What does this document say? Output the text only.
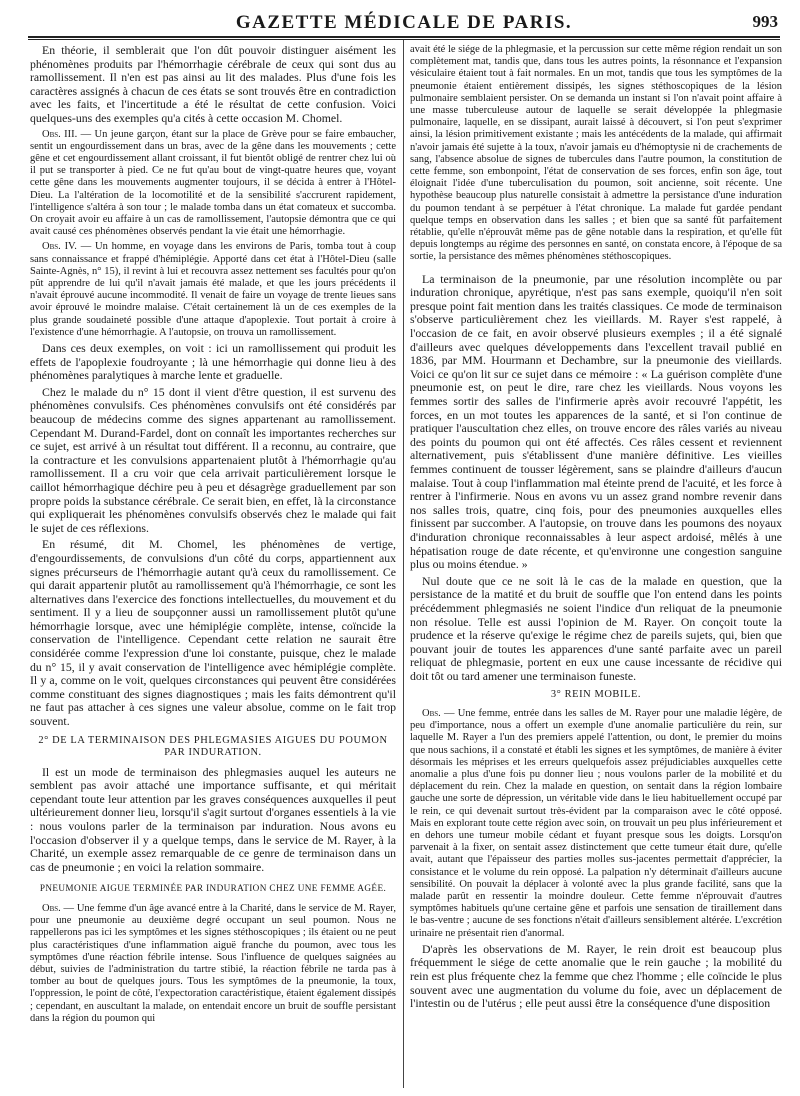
GAZETTE MÉDICALE DE PARIS.	993

En théorie, il semblerait que l'on dût pouvoir distinguer aisément les phénomènes produits par l'hémorrhagie cérébrale de ceux qui sont dus au ramollissement. Il n'en est pas ainsi au lit des malades. Plus d'une fois les caractères assignés à chacun de ces états se sont trouvés être en contradiction avec les faits, et l'incertitude a été le résultat de cette confusion. Voici quelques-uns des exemples qu'a cités à cette occasion M. Chomel.

Obs. III. — Un jeune garçon, étant sur la place de Grève pour se faire embaucher, sentit un engourdissement dans un bras, avec de la gêne dans les mouvements ; cette gêne et cet engourdissement allant croissant, il fut bientôt obligé de rentrer chez lui où il put se transporter à pied. Ce ne fut qu'au bout de vingt-quatre heures que, voyant cette gêne dans les mouvements augmenter toujours, il se décida à entrer à l'Hôtel-Dieu. La l'altération de la locomotilité et de la sensibilité s'accrurent rapidement, l'intelligence s'altéra à son tour ; le malade tomba dans un état comateux et succomba. On croyait avoir eu affaire à un cas de ramollissement, l'autopsie démontra que ce qui avait causé ces phénomènes observés pendant la vie était une hémorrhagie.

Obs. IV. — Un homme, en voyage dans les environs de Paris, tomba tout à coup sans connaissance et frappé d'hémiplégie. Apporté dans cet état à l'Hôtel-Dieu (salle Sainte-Agnès, n° 15), il revint à lui et recouvra assez nettement ses facultés pour qu'on pût apprendre de lui qu'il n'avait jamais été malade, et que les jours précédents il n'avait éprouvé aucune incommodité. Il venait de faire un voyage de trente lieues sans avoir éprouvé le moindre malaise. C'était certainement là un de ces exemples de la plus grande soudaineté possible d'une attaque d'apoplexie. Tout portait à croire à l'existence d'une hémorrhagie. A l'autopsie, on trouva un ramollissement.

Dans ces deux exemples, on voit : ici un ramollissement qui produit les effets de l'apoplexie foudroyante ; là une hémorrhagie qui donne lieu à des phénomènes paralytiques à marche lente et graduelle.

Chez le malade du n° 15 dont il vient d'être question, il est survenu des phénomènes convulsifs. Ces phénomènes convulsifs ont été considérés par beaucoup de médecins comme des signes appartenant au ramollissement. Cependant M. Durand-Fardel, dont on connaît les importantes recherches sur ce sujet, est arrivé à un résultat tout différent. Il a reconnu, au contraire, que la contracture et les convulsions appartenaient plutôt à l'hémorrhagie qu'au ramollissement. Il a cru voir que cela arrivait particulièrement lorsque le caillot hémorrhagique déchire peu à peu et désagrège graduellement par son propre poids la substance cérébrale. Ce serait bien, en effet, là la circonstance qui expliquerait les phénomènes convulsifs observés chez le malade qui fait le sujet de ces réflexions.

En résumé, dit M. Chomel, les phénomènes de vertige, d'engourdissements, de convulsions d'un côté du corps, appartiennent aux signes précurseurs de l'hémorrhagie autant qu'à ceux du ramollissement. Ce qui darait appartenir plutôt au ramollissement qu'à l'hémorrhagie, ce sont les alternatives dans l'exercice des fonctions intellectuelles, du mouvement et du sentiment. Il y a lieu de soupçonner aussi un ramollissement plutôt qu'une hémorrhagie lorsque, avec une hémiplégie complète, intense, coïncide la conservation de l'intelligence. Cependant cette relation ne saurait être considérée comme l'expression d'une loi constante, puisque, chez le malade du n° 15, il y avait conservation de l'intelligence avec hémiplégie complète. Il y a, comme on le voit, quelques circonstances qui peuvent être considérées comme constituant des signes diagnostiques ; mais les faits démontrent qu'il ne faut pas attacher à ces signes une valeur absolue, comme on le fait trop souvent.

2° DE LA TERMINAISON DES PHLEGMASIES AIGUES DU POUMON PAR INDURATION.

Il est un mode de terminaison des phlegmasies auquel les auteurs ne semblent pas avoir attaché une importance suffisante, et qui méritait cependant toute leur attention par les graves conséquences auxquelles il peut ultérieurement donner lieu, lorsqu'il s'agit surtout d'organes essentiels à la vie : nous voulons parler de la terminaison par induration. Nous avons eu l'occasion d'observer il y a quelque temps, dans le service de M. Rayer, à la Charité, un exemple assez remarquable de ce genre de terminaison dans un cas de pneumonie ; en voici la relation sommaire.

PNEUMONIE AIGUE TERMINÉE PAR INDURATION CHEZ UNE FEMME AGÉE.

Obs. — Une femme d'un âge avancé entre à la Charité, dans le service de M. Rayer, pour une pneumonie au deuxième degré occupant un seul poumon. Nous ne rappellerons pas ici les symptômes et les signes stéthoscopiques ; ils étaient ou ne peut plus caractéristiques d'une inflammation aiguë franche du poumon, avec tous les symptômes d'une réaction fébrile intense. Sous l'influence de quelques saignées au début, suivies de l'administration du tartre stibié, la réaction fébrile ne tarda pas à tomber au bout de quelques jours. Tous les symptômes de la pneumonie, la toux, l'oppression, le point de côté, l'expectoration caractéristique, étaient également dissipés ; cependant, en auscultant la malade, on entendait encore un bruit de souffle persistant dans la région du poumon qui

avait été le siége de la phlegmasie, et la percussion sur cette même région rendait un son complètement mat, tandis que, dans tous les autres points, la résonnance et l'expansion vésiculaire étaient tout à fait normales. En un mot, tandis que tous les symptômes de la pneumonie étaient entièrement dissipés, les signes stéthoscopiques de la lésion pulmonaire semblaient persister. On se demanda un instant si l'on n'avait point affaire à une masse tuberculeuse autour de laquelle se serait développée la phlegmasie pulmonaire, laquelle, en se dissipant, aurait laissé à découvert, si l'on peut s'exprimer ainsi, la lésion primitivement existante ; mais les antécédents de la malade, qui affirmait n'avoir jamais été sujette à la toux, n'avoir jamais eu d'hémoptysie ni de crachements de sang, l'absence absolue de signes de tubercules dans l'autre poumon, la constitution de cette femme, son embonpoint, l'état de conservation de ses forces, enfin son âge, tout éloignait l'idée d'une tuberculisation du poumon, soit ancienne, soit récente. Une hypothèse beaucoup plus naturelle consistait à admettre la persistance d'une induration du poumon tendant à se perpétuer à l'état chronique. La malade fut gardée pendant quelque temps en observation dans les salles ; et bien que sa santé fût parfaitement rétablie, qu'elle n'éprouvât même pas de gêne notable dans la respiration, et qu'elle fût depuis longtemps au régime des personnes en santé, on constata encore, à l'époque de sa sortie, la persistance des mêmes phénomènes stéthoscopiques.

La terminaison de la pneumonie, par une résolution incomplète ou par induration chronique, apyrétique, n'est pas sans exemple, quoiqu'il n'en soit presque point fait mention dans les traités classiques. Ce mode de terminaison s'observe particulièrement chez les vieillards. M. Rayer s'est rappelé, à l'occasion de ce fait, en avoir observé plusieurs exemples ; il a été signalé d'ailleurs avec quelques développements dans l'excellent travail publié en 1836, par MM. Hourmann et Dechambre, sur la pneumonie des vieillards. Voici ce qu'on lit sur ce sujet dans ce mémoire : « La guérison complète d'une pneumonie est, on peut le dire, rare chez les vieillards. Nous voyons les femmes sortir des salles de l'infirmerie après avoir recouvré l'appétit, les forces, en un mot toutes les apparences de la santé, et si l'on continue de pratiquer l'auscultation chez elles, on trouve encore des râles variés au niveau des points du poumon qui ont été affectés. Ces râles cessent et reviennent alternativement, puis s'établissent d'une manière définitive. Les vieilles femmes continuent de tousser légèrement, sans se plaindre d'ailleurs d'aucun malaise. Tout à coup l'inflammation mal éteinte prend de l'acuité, et les force à rentrer à l'infirmerie. Nous en avons vu un assez grand nombre revenir dans nos salles trois, quatre, cinq fois, pour des pneumonies auxquelles elles finissent par succomber. A l'autopsie, on trouve dans les poumons des noyaux d'induration chronique reconnaissables à leur aspect ardoisé, mêlés à une hépatisation rouge de date récente, et qu'environne une congestion sanguine plus ou moins étendue. »

Nul doute que ce ne soit là le cas de la malade en question, que la persistance de la matité et du bruit de souffle que l'on entend dans les points précédemment phlegmasiés ne soient l'indice d'un reliquat de la pneumonie non résolue. Telle est aussi l'opinion de M. Rayer. On conçoit toute la prudence et la réserve qu'exige le régime chez de pareils sujets, qui, bien que pouvant jouir de toutes les apparences d'une santé parfaite avec un pareil reliquat de phlegmasie, portent en eux une cause incessante de récidive qui doit tôt ou tard amener une terminaison funeste.

3° REIN MOBILE.

Obs. — Une femme, entrée dans les salles de M. Rayer pour une maladie légère, de peu d'importance, nous a offert un exemple d'une anomalie particulière du rein, sur laquelle M. Rayer a l'un des premiers appelé l'attention, ou dont, le premier du moins que nous sachions, il a constaté et établi les signes et les symptômes, de manière à éviter désormais les méprises et les erreurs quelquefois assez préjudiciables auxquelles cette anomalie a plus d'une fois pu donner lieu ; nous voulons parler de la mobilité et du déplacement du rein. Chez la malade en question, on sentait dans la région lombaire gauche une sorte de dépression, un véritable vide dans le lieu habituellement occupé par le rein, ce qui devenait surtout très-évident par la comparaison avec le côté opposé. Mais en explorant toute cette région avec soin, on trouvait un peu plus inférieurement et en dehors une tumeur mobile cédant et fuyant presque sous les doigts. Lorsqu'on parvenait à la fixer, on sentait assez distinctement que cette tumeur était dure, qu'elle avait, autant que l'épaisseur des parties molles sus-jacentes permettait d'apprécier, la consistance et le volume du rein opposé. La palpation n'y déterminait d'ailleurs aucune sensibilité. On pouvait la déplacer à volonté avec la plus grande facilité, sans que la malade parût en ressentir la moindre douleur. Cette femme n'éprouvait d'autres symptômes habituels qu'une certaine gêne et parfois une sensation de tiraillement dans le bas-ventre ; aucune de ses fonctions n'était d'ailleurs sensiblement altérée. L'excrétion urinaire ne présentait rien d'anormal.

D'après les observations de M. Rayer, le rein droit est beaucoup plus fréquemment le siége de cette anomalie que le rein gauche ; la mobilité du rein est plus fréquente chez la femme que chez l'homme ; elle coïncide le plus souvent avec une augmentation du volume du foie, avec un déplacement de l'intestin ou de l'utérus ; elle peut aussi être la conséquence d'une disposition
